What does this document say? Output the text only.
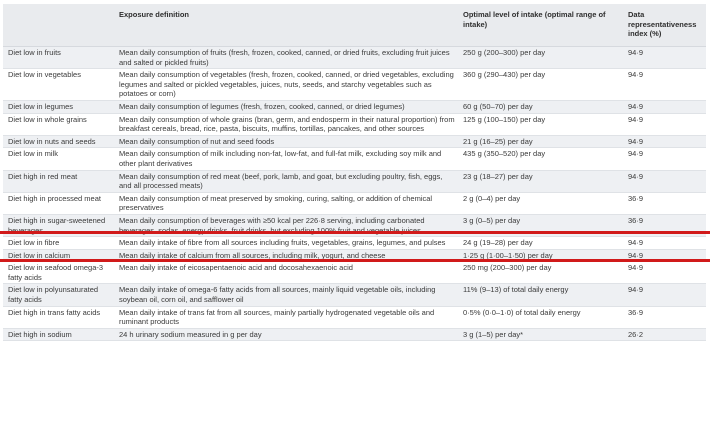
	Exposure definition	Optimal level of intake (optimal range of intake)	Data representativeness index (%)
Diet low in fruits	Mean daily consumption of fruits (fresh, frozen, cooked, canned, or dried fruits, excluding fruit juices and salted or pickled fruits)	250 g (200–300) per day	94·9
Diet low in vegetables	Mean daily consumption of vegetables (fresh, frozen, cooked, canned, or dried vegetables, excluding legumes and salted or pickled vegetables, juices, nuts, seeds, and starchy vegetables such as potatoes or corn)	360 g (290–430) per day	94·9
Diet low in legumes	Mean daily consumption of legumes (fresh, frozen, cooked, canned, or dried legumes)	60 g (50–70) per day	94·9
Diet low in whole grains	Mean daily consumption of whole grains (bran, germ, and endosperm in their natural proportion) from breakfast cereals, bread, rice, pasta, biscuits, muffins, tortillas, pancakes, and other sources	125 g (100–150) per day	94·9
Diet low in nuts and seeds	Mean daily consumption of nut and seed foods	21 g (16–25) per day	94·9
Diet low in milk	Mean daily consumption of milk including non-fat, low-fat, and full-fat milk, excluding soy milk and other plant derivatives	435 g (350–520) per day	94·9
Diet high in red meat	Mean daily consumption of red meat (beef, pork, lamb, and goat, but excluding poultry, fish, eggs, and all processed meats)	23 g (18–27) per day	94·9
Diet high in processed meat	Mean daily consumption of meat preserved by smoking, curing, salting, or addition of chemical preservatives	2 g (0–4) per day	36·9
Diet high in sugar-sweetened beverages	Mean daily consumption of beverages with ≥50 kcal per 226·8 serving, including carbonated beverages, sodas, energy drinks, fruit drinks, but excluding 100% fruit and vegetable juices	3 g (0–5) per day	36·9
Diet low in fibre	Mean daily intake of fibre from all sources including fruits, vegetables, grains, legumes, and pulses	24 g (19–28) per day	94·9
Diet low in calcium	Mean daily intake of calcium from all sources, including milk, yogurt, and cheese	1·25 g (1·00–1·50) per day	94·9
Diet low in seafood omega-3 fatty acids	Mean daily intake of eicosapentaenoic acid and docosahexaenoic acid	250 mg (200–300) per day	94·9
Diet low in polyunsaturated fatty acids	Mean daily intake of omega-6 fatty acids from all sources, mainly liquid vegetable oils, including soybean oil, corn oil, and safflower oil	11% (9–13) of total daily energy	94·9
Diet high in trans fatty acids	Mean daily intake of trans fat from all sources, mainly partially hydrogenated vegetable oils and ruminant products	0·5% (0·0–1·0) of total daily energy	36·9
Diet high in sodium	24 h urinary sodium measured in g per day	3 g (1–5) per day*	26·2
